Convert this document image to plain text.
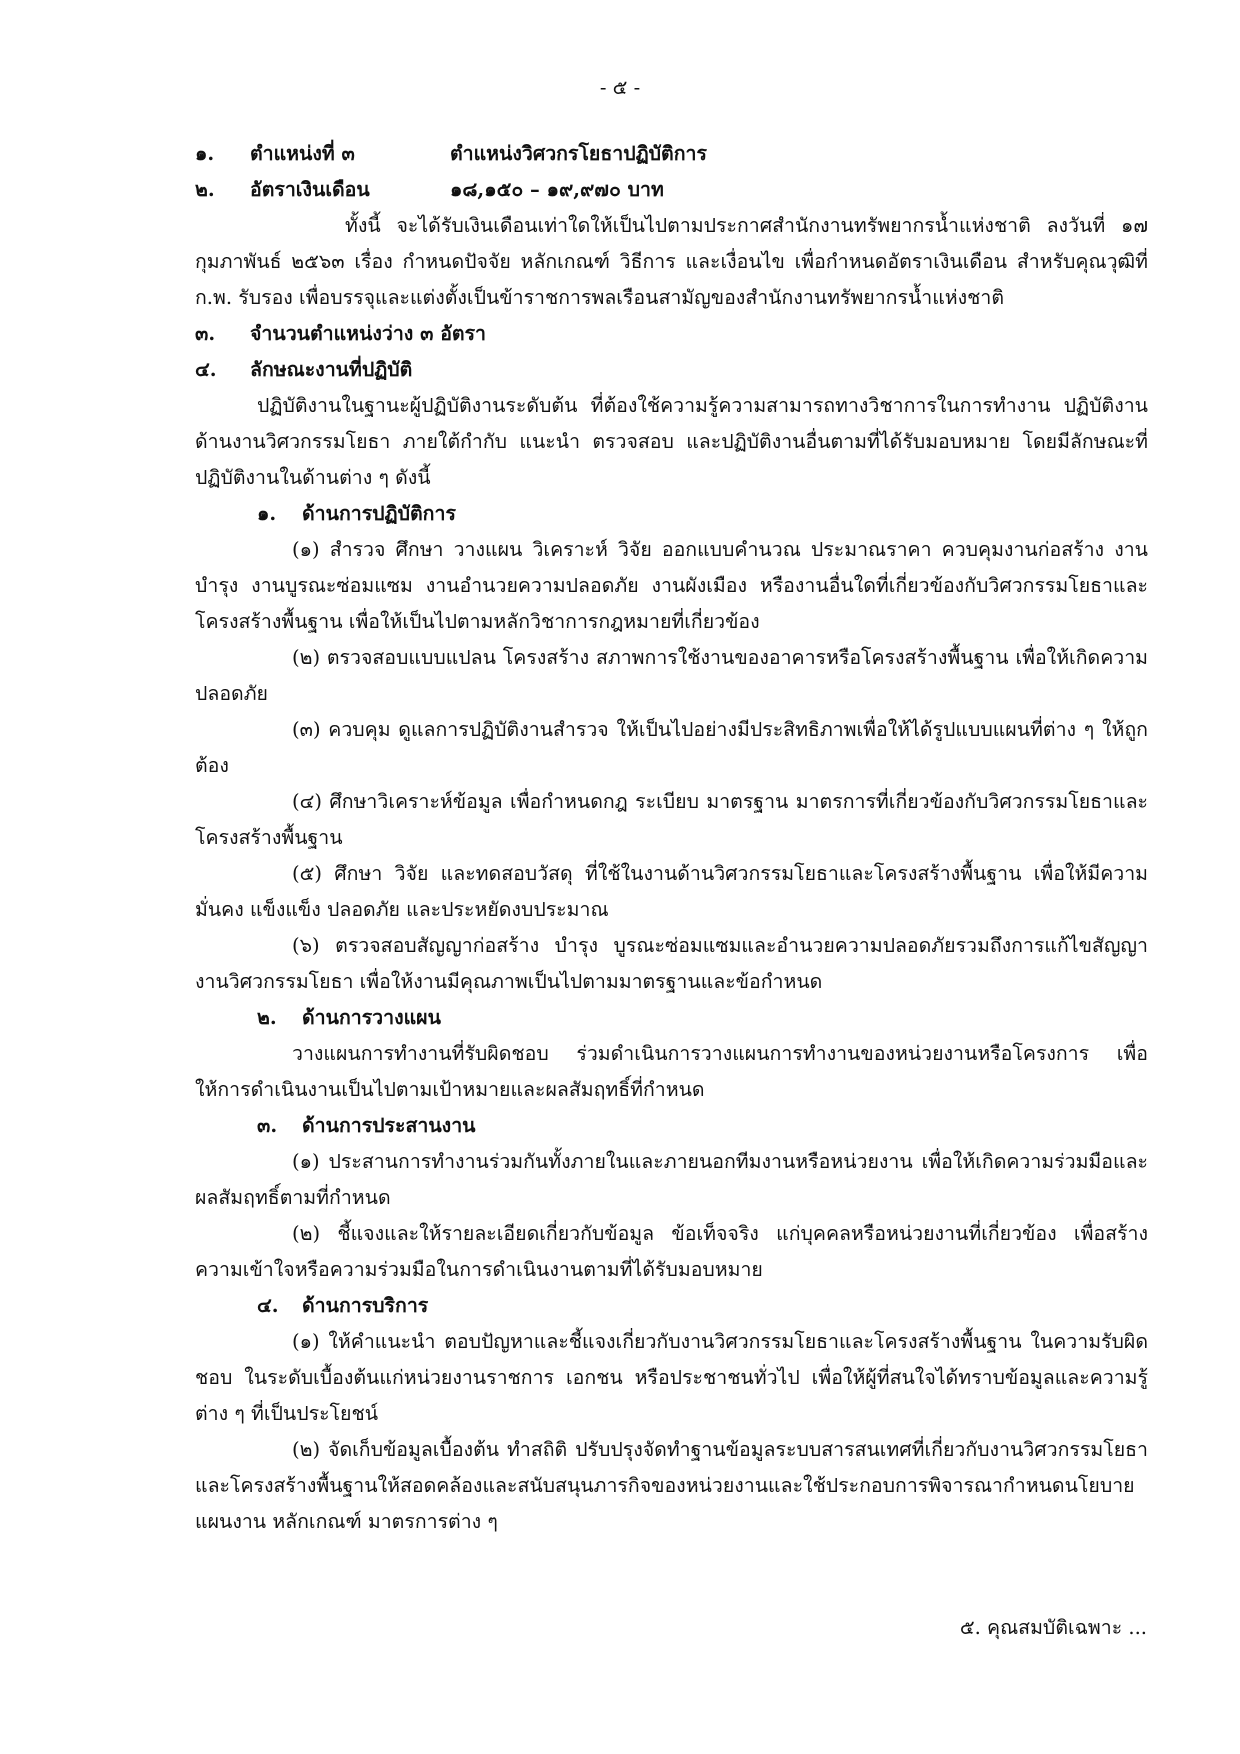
- ๕ -
๑. ตำแหน่งที่ ๓	ตำแหน่งวิศวกรโยธาปฏิบัติการ
๒. อัตราเงินเดือน	๑๘,๑๕๐ – ๑๙,๙๗๐ บาท
ทั้งนี้ จะได้รับเงินเดือนเท่าใดให้เป็นไปตามประกาศสำนักงานทรัพยากรน้ำแห่งชาติ ลงวันที่ ๑๗ กุมภาพันธ์ ๒๕๖๓ เรื่อง กำหนดปัจจัย หลักเกณฑ์ วิธีการ และเงื่อนไข เพื่อกำหนดอัตราเงินเดือน สำหรับคุณวุฒิที่ ก.พ. รับรอง เพื่อบรรจุและแต่งตั้งเป็นข้าราชการพลเรือนสามัญของสำนักงานทรัพยากรน้ำแห่งชาติ
๓. จำนวนตำแหน่งว่าง ๓ อัตรา
๔. ลักษณะงานที่ปฏิบัติ
ปฏิบัติงานในฐานะผู้ปฏิบัติงานระดับต้น ที่ต้องใช้ความรู้ความสามารถทางวิชาการในการทำงาน ปฏิบัติงานด้านงานวิศวกรรมโยธา ภายใต้กำกับ แนะนำ ตรวจสอบ และปฏิบัติงานอื่นตามที่ได้รับมอบหมาย โดยมีลักษณะที่ปฏิบัติงานในด้านต่าง ๆ ดังนี้
๑. ด้านการปฏิบัติการ
(๑) สำรวจ ศึกษา วางแผน วิเคราะห์ วิจัย ออกแบบคำนวณ ประมาณราคา ควบคุมงานก่อสร้าง งานบำรุง งานบูรณะซ่อมแซม งานอำนวยความปลอดภัย งานผังเมือง หรืองานอื่นใดที่เกี่ยวข้องกับวิศวกรรมโยธาและโครงสร้างพื้นฐาน เพื่อให้เป็นไปตามหลักวิชาการกฎหมายที่เกี่ยวข้อง
(๒) ตรวจสอบแบบแปลน โครงสร้าง สภาพการใช้งานของอาคารหรือโครงสร้างพื้นฐาน เพื่อให้เกิดความปลอดภัย
(๓) ควบคุม ดูแลการปฏิบัติงานสำรวจ ให้เป็นไปอย่างมีประสิทธิภาพเพื่อให้ได้รูปแบบแผนที่ต่าง ๆ ให้ถูกต้อง
(๔) ศึกษาวิเคราะห์ข้อมูล เพื่อกำหนดกฎ ระเบียบ มาตรฐาน มาตรการที่เกี่ยวข้องกับวิศวกรรมโยธาและโครงสร้างพื้นฐาน
(๕) ศึกษา วิจัย และทดสอบวัสดุ ที่ใช้ในงานด้านวิศวกรรมโยธาและโครงสร้างพื้นฐาน เพื่อให้มีความมั่นคง แข็งแข็ง ปลอดภัย และประหยัดงบประมาณ
(๖) ตรวจสอบสัญญาก่อสร้าง บำรุง บูรณะซ่อมแซมและอำนวยความปลอดภัยรวมถึงการแก้ไขสัญญางานวิศวกรรมโยธา เพื่อให้งานมีคุณภาพเป็นไปตามมาตรฐานและข้อกำหนด
๒. ด้านการวางแผน
วางแผนการทำงานที่รับผิดชอบ ร่วมดำเนินการวางแผนการทำงานของหน่วยงานหรือโครงการ เพื่อให้การดำเนินงานเป็นไปตามเป้าหมายและผลสัมฤทธิ์ที่กำหนด
๓. ด้านการประสานงาน
(๑) ประสานการทำงานร่วมกันทั้งภายในและภายนอกทีมงานหรือหน่วยงาน เพื่อให้เกิดความร่วมมือและผลสัมฤทธิ์ตามที่กำหนด
(๒) ชี้แจงและให้รายละเอียดเกี่ยวกับข้อมูล ข้อเท็จจริง แก่บุคคลหรือหน่วยงานที่เกี่ยวข้อง เพื่อสร้างความเข้าใจหรือความร่วมมือในการดำเนินงานตามที่ได้รับมอบหมาย
๔. ด้านการบริการ
(๑) ให้คำแนะนำ ตอบปัญหาและชี้แจงเกี่ยวกับงานวิศวกรรมโยธาและโครงสร้างพื้นฐาน ในความรับผิดชอบ ในระดับเบื้องต้นแก่หน่วยงานราชการ เอกชน หรือประชาชนทั่วไป เพื่อให้ผู้ที่สนใจได้ทราบข้อมูลและความรู้ต่าง ๆ ที่เป็นประโยชน์
(๒) จัดเก็บข้อมูลเบื้องต้น ทำสถิติ ปรับปรุงจัดทำฐานข้อมูลระบบสารสนเทศที่เกี่ยวกับงานวิศวกรรมโยธาและโครงสร้างพื้นฐานให้สอดคล้องและสนับสนุนภารกิจของหน่วยงานและใช้ประกอบการพิจารณากำหนดนโยบาย แผนงาน หลักเกณฑ์ มาตรการต่าง ๆ
๕. คุณสมบัติเฉพาะ ...
